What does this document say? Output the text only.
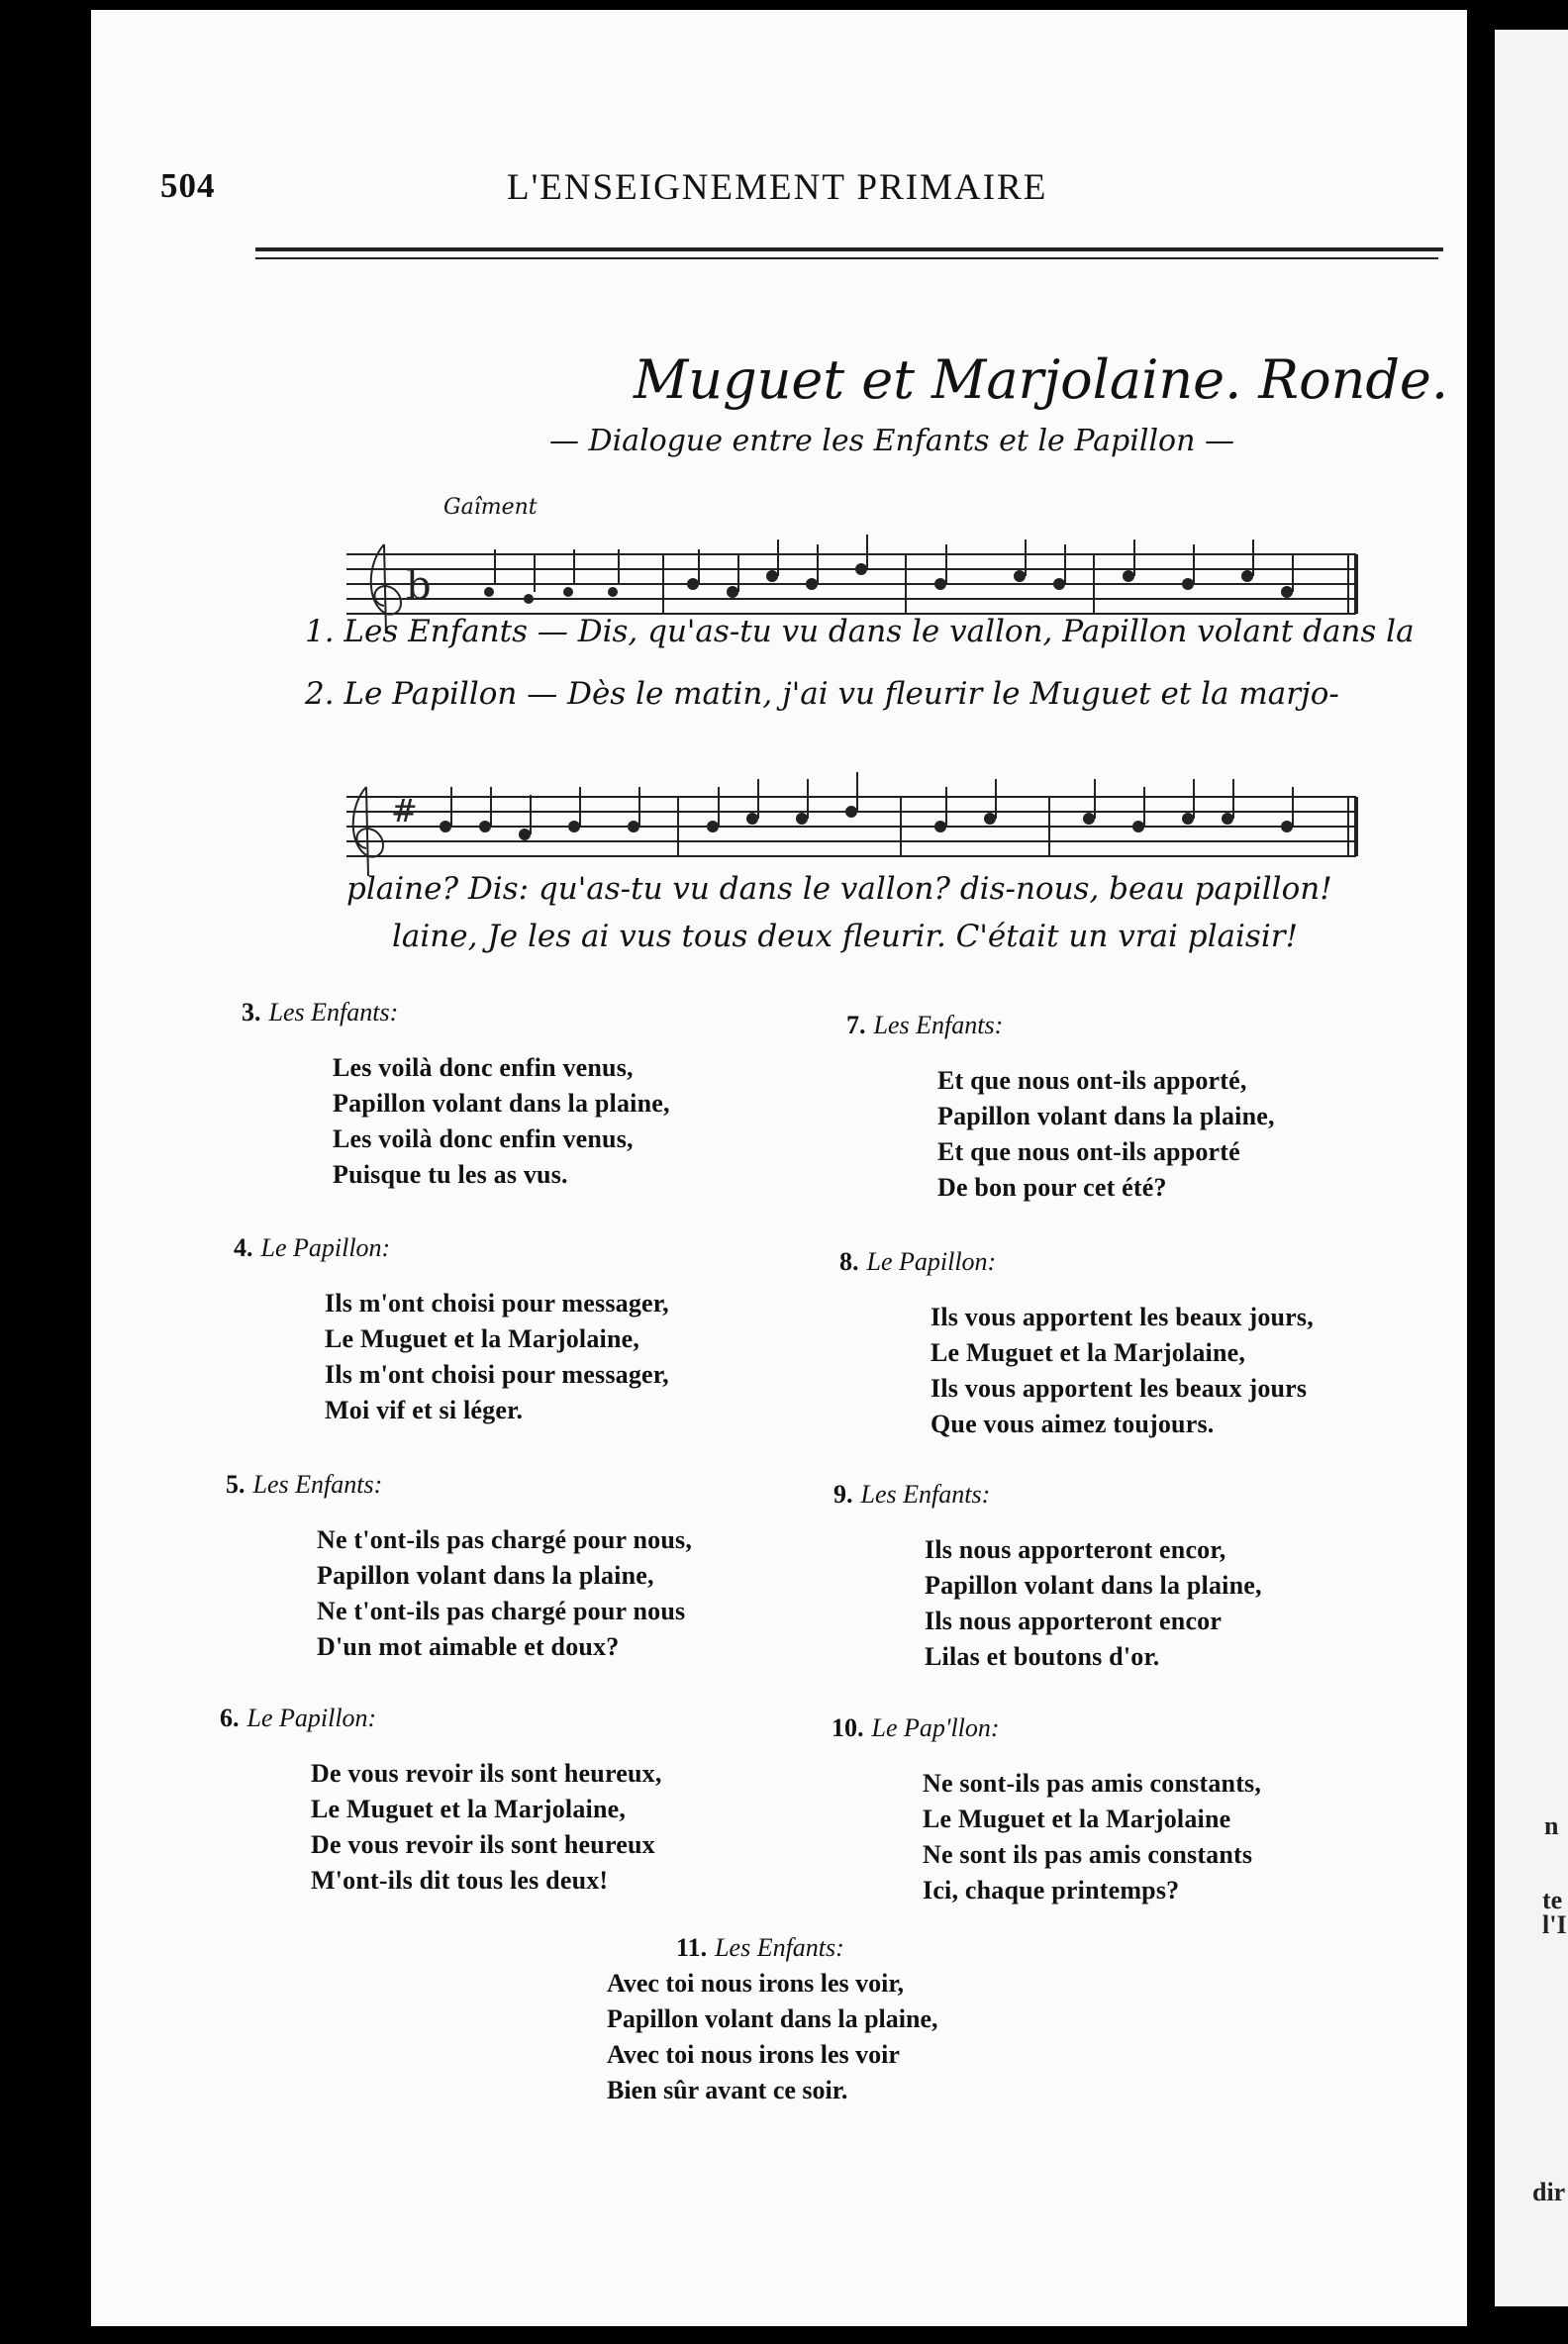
n
te
l'I
dir
504	L'ENSEIGNEMENT PRIMAIRE
Muguet et Marjolaine. Ronde.
— Dialogue entre les Enfants et le Papillon —
Gaîment
b
1. Les Enfants — Dis, qu'as-tu vu dans le vallon, Papillon volant dans la
2. Le Papillon — Dès le matin, j'ai vu fleurir le Muguet et la marjo-
#
plaine? Dis: qu'as-tu vu dans le vallon? dis-nous, beau papillon!
laine, Je les ai vus tous deux fleurir. C'était un vrai plaisir!
3. Les Enfants:
Les voilà donc enfin venus,
Papillon volant dans la plaine,
Les voilà donc enfin venus,
Puisque tu les as vus.
4. Le Papillon:
Ils m'ont choisi pour messager,
Le Muguet et la Marjolaine,
Ils m'ont choisi pour messager,
Moi vif et si léger.
5. Les Enfants:
Ne t'ont-ils pas chargé pour nous,
Papillon volant dans la plaine,
Ne t'ont-ils pas chargé pour nous
D'un mot aimable et doux?
6. Le Papillon:
De vous revoir ils sont heureux,
Le Muguet et la Marjolaine,
De vous revoir ils sont heureux
M'ont-ils dit tous les deux!
7. Les Enfants:
Et que nous ont-ils apporté,
Papillon volant dans la plaine,
Et que nous ont-ils apporté
De bon pour cet été?
8. Le Papillon:
Ils vous apportent les beaux jours,
Le Muguet et la Marjolaine,
Ils vous apportent les beaux jours
Que vous aimez toujours.
9. Les Enfants:
Ils nous apporteront encor,
Papillon volant dans la plaine,
Ils nous apporteront encor
Lilas et boutons d'or.
10. Le Pap'llon:
Ne sont-ils pas amis constants,
Le Muguet et la Marjolaine
Ne sont ils pas amis constants
Ici, chaque printemps?
11. Les Enfants:
Avec toi nous irons les voir,
Papillon volant dans la plaine,
Avec toi nous irons les voir
Bien sûr avant ce soir.
